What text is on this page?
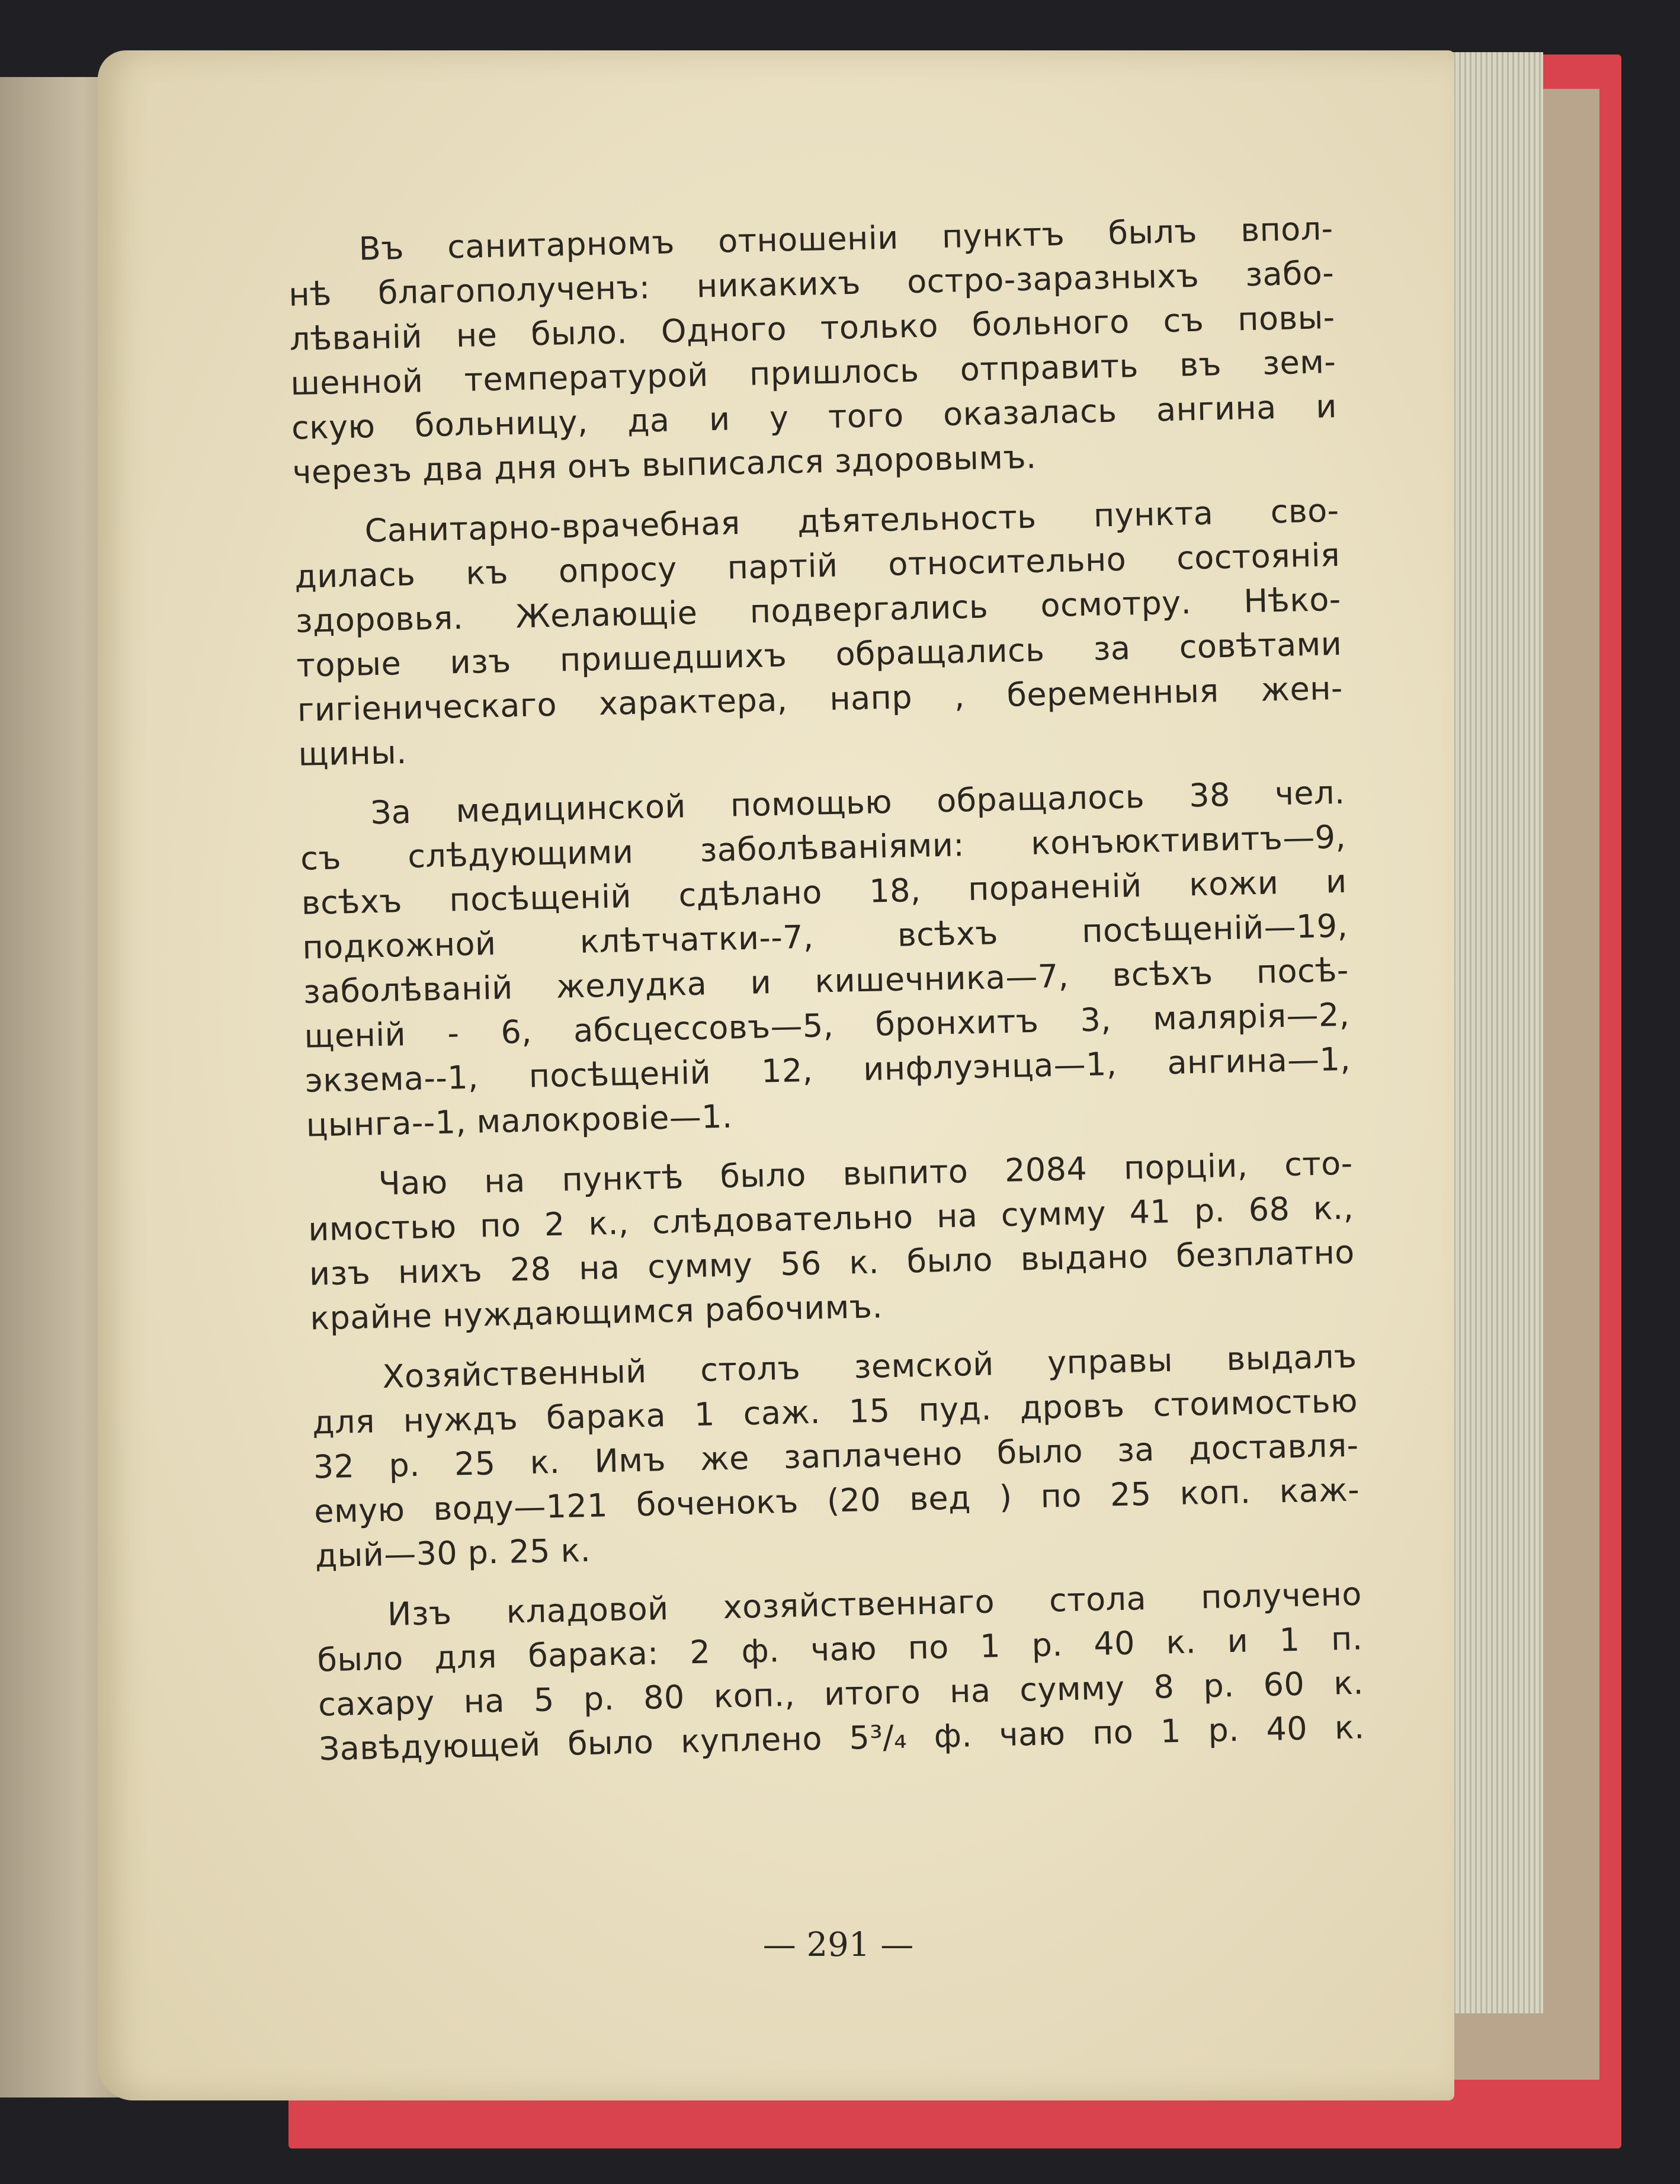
Въ санитарномъ отношенiи пунктъ былъ впол-
нѣ благополученъ: никакихъ остро-заразныхъ забо-
лѣванiй не было. Одного только больного съ повы-
шенной температурой пришлось отправить въ зем-
скую больницу, да и у того оказалась ангина и
черезъ два дня онъ выписался здоровымъ.

Санитарно-врачебная дѣятельность пункта сво-
дилась къ опросу партiй относительно состоянiя
здоровья. Желающiе подвергались осмотру. Нѣко-
торые изъ пришедшихъ обращались за совѣтами
гигiеническаго характера, напр , беременныя жен-
щины.

За медицинской помощью обращалось 38 чел.
съ слѣдующими заболѣванiями: конъюктивитъ—9,
всѣхъ посѣщенiй сдѣлано 18, пораненiй кожи и
подкожной клѣтчатки--7, всѣхъ посѣщенiй—19,
заболѣванiй желудка и кишечника—7, всѣхъ посѣ-
щенiй - 6, абсцессовъ—5, бронхитъ 3, малярiя—2,
экзема--1, посѣщенiй 12, инфлуэнца—1, ангина—1,
цынга--1, малокровiе—1.

Чаю на пунктѣ было выпито 2084 порцiи, сто-
имостью по 2 к., слѣдовательно на сумму 41 р. 68 к.,
изъ нихъ 28 на сумму 56 к. было выдано безплатно
крайне нуждающимся рабочимъ.

Хозяйственный столъ земской управы выдалъ
для нуждъ барака 1 саж. 15 пуд. дровъ стоимостью
32 р. 25 к. Имъ же заплачено было за доставля-
емую воду—121 боченокъ (20 вед ) по 25 коп. каж-
дый—30 р. 25 к.

Изъ кладовой хозяйственнаго стола получено
было для барака: 2 ф. чаю по 1 р. 40 к. и 1 п.
сахару на 5 р. 80 коп., итого на сумму 8 р. 60 к.
Завѣдующей было куплено 5³/₄ ф. чаю по 1 р. 40 к.

— 291 —
